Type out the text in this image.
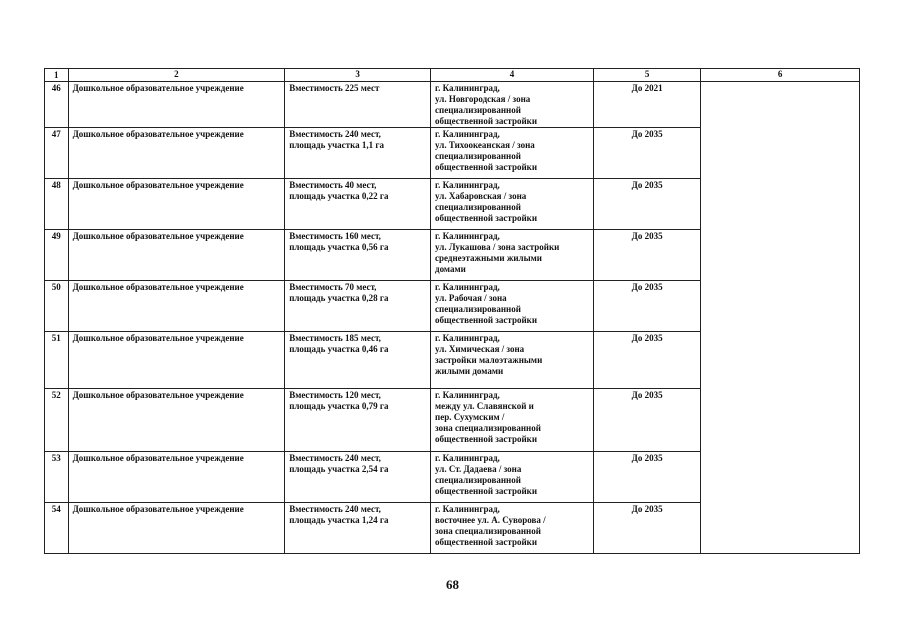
1	2	3	4	5	6

46	Дошкольное образовательное учреждение	Вместимость 225 мест	г. Калининград,
ул. Новгородская / зона
специализированной
общественной застройки	До 2021	

47	Дошкольное образовательное учреждение	Вместимость 240 мест,
площадь участка 1,1 га	г. Калининград,
ул. Тихоокеанская / зона
специализированной
общественной застройки	До 2035	

48	Дошкольное образовательное учреждение	Вместимость 40 мест,
площадь участка 0,22 га	г. Калининград,
ул. Хабаровская / зона
специализированной
общественной застройки	До 2035	

49	Дошкольное образовательное учреждение	Вместимость 160 мест,
площадь участка 0,56 га	г. Калининград,
ул. Лукашова / зона застройки
среднеэтажными жилыми
домами	До 2035	

50	Дошкольное образовательное учреждение	Вместимость 70 мест,
площадь участка 0,28 га	г. Калининград,
ул. Рабочая / зона
специализированной
общественной застройки	До 2035	

51	Дошкольное образовательное учреждение	Вместимость 185 мест,
площадь участка 0,46 га	г. Калининград,
ул. Химическая / зона
застройки малоэтажными
жилыми домами	До 2035	

52	Дошкольное образовательное учреждение	Вместимость 120 мест,
площадь участка 0,79 га	г. Калининград,
между ул. Славянской и
пер. Сухумским /
зона специализированной
общественной застройки	До 2035	

53	Дошкольное образовательное учреждение	Вместимость 240 мест,
площадь участка 2,54 га	г. Калининград,
ул. Ст. Дадаева / зона
специализированной
общественной застройки	До 2035	

54	Дошкольное образовательное учреждение	Вместимость 240 мест,
площадь участка 1,24 га	г. Калининград,
восточнее ул. А. Суворова /
зона специализированной
общественной застройки	До 2035	
68
